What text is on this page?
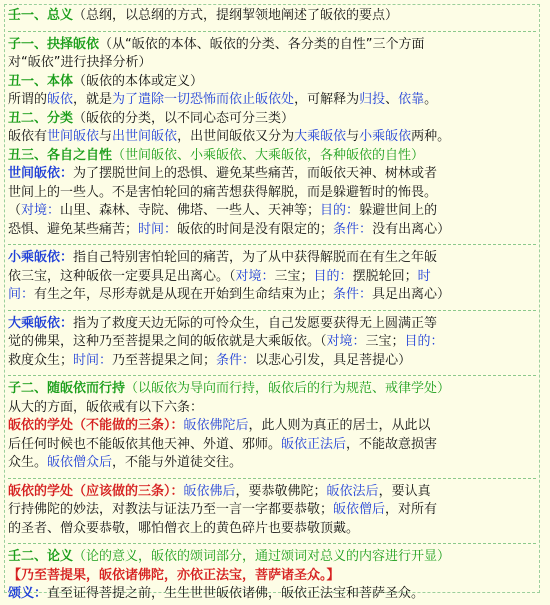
壬一、总义（总纲，以总纲的方式，提纲挈领地阐述了皈依的要点）
子一、抉择皈依（从“皈依的本体、皈依的分类、各分类的自性”三个方面
对“皈依”进行抉择分析）
丑一、本体（皈依的本体或定义）
所谓的皈依，就是为了遣除一切恐怖而依止皈依处，可解释为归投、依靠。
丑二、分类（皈依的分类，以不同心态可分三类）
皈依有世间皈依与出世间皈依，出世间皈依又分为大乘皈依与小乘皈依两种。
丑三、各自之自性（世间皈依、小乘皈依、大乘皈依，各种皈依的自性）
世间皈依：为了摆脱世间上的恐惧、避免某些痛苦，而皈依天神、树林或者
世间上的一些人。不是害怕轮回的痛苦想获得解脱，而是躲避暂时的怖畏。
（对境：山里、森林、寺院、佛塔、一些人、天神等；目的：躲避世间上的
恐惧、避免某些痛苦；时间：皈依的时间是没有限定的；条件：没有出离心）
小乘皈依：指自己特别害怕轮回的痛苦，为了从中获得解脱而在有生之年皈
依三宝，这种皈依一定要具足出离心。（对境：三宝；目的：摆脱轮回；时
间：有生之年，尽形寿就是从现在开始到生命结束为止；条件：具足出离心）
大乘皈依：指为了救度天边无际的可怜众生，自己发愿要获得无上圆满正等
觉的佛果，这种乃至菩提果之间的皈依就是大乘皈依。（对境：三宝；目的：
救度众生；时间：乃至菩提果之间；条件：以悲心引发，具足菩提心）
子二、随皈依而行持（以皈依为导向而行持，皈依后的行为规范、戒律学处）
从大的方面，皈依戒有以下六条：
皈依的学处（不能做的三条）：皈依佛陀后，此人则为真正的居士，从此以
后任何时候也不能皈依其他天神、外道、邪师。皈依正法后，不能故意损害
众生。皈依僧众后，不能与外道徒交往。
皈依的学处（应该做的三条）：皈依佛后，要恭敬佛陀；皈依法后，要认真
行持佛陀的妙法，对教法与证法乃至一言一字都要恭敬；皈依僧后，对所有
的圣者、僧众要恭敬，哪怕僧衣上的黄色碎片也要恭敬顶戴。
壬二、论义（论的意义，皈依的颂词部分，通过颂词对总义的内容进行开显）
【乃至菩提果，皈依诸佛陀，亦依正法宝，菩萨诸圣众。】
颂义：直至证得菩提之前，生生世世皈依诸佛，皈依正法宝和菩萨圣众。
